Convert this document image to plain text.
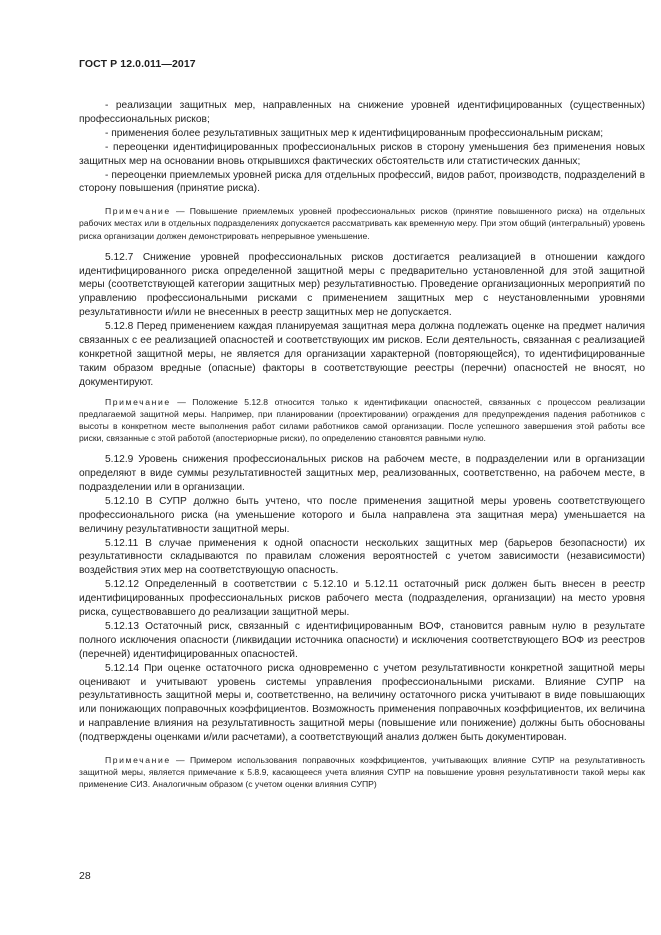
ГОСТ Р 12.0.011—2017

- реализации защитных мер, направленных на снижение уровней идентифицированных (существенных) профессиональных рисков;

- применения более результативных защитных мер к идентифицированным профессиональным рискам;

- переоценки идентифицированных профессиональных рисков в сторону уменьшения без применения новых защитных мер на основании вновь открывшихся фактических обстоятельств или статистических данных;

- переоценки приемлемых уровней риска для отдельных профессий, видов работ, производств, подразделений в сторону повышения (принятие риска).

Примечание — Повышение приемлемых уровней профессиональных рисков (принятие повышенного риска) на отдельных рабочих местах или в отдельных подразделениях допускается рассматривать как временную меру. При этом общий (интегральный) уровень риска организации должен демонстрировать непрерывное уменьшение.

5.12.7 Снижение уровней профессиональных рисков достигается реализацией в отношении каждого идентифицированного риска определенной защитной меры с предварительно установленной для этой защитной меры (соответствующей категории защитных мер) результативностью. Проведение организационных мероприятий по управлению профессиональными рисками с применением защитных мер с неустановленными уровнями результативности и/или не внесенных в реестр защитных мер не допускается.

5.12.8 Перед применением каждая планируемая защитная мера должна подлежать оценке на предмет наличия связанных с ее реализацией опасностей и соответствующих им рисков. Если деятельность, связанная с реализацией конкретной защитной меры, не является для организации характерной (повторяющейся), то идентифицированные таким образом вредные (опасные) факторы в соответствующие реестры (перечни) опасностей не вносят, но документируют.

Примечание — Положение 5.12.8 относится только к идентификации опасностей, связанных с процессом реализации предлагаемой защитной меры. Например, при планировании (проектировании) ограждения для предупреждения падения работников с высоты в конкретном месте выполнения работ силами работников самой организации. После успешного завершения этой работы все риски, связанные с этой работой (апостериорные риски), по определению становятся равными нулю.

5.12.9 Уровень снижения профессиональных рисков на рабочем месте, в подразделении или в организации определяют в виде суммы результативностей защитных мер, реализованных, соответственно, на рабочем месте, в подразделении или в организации.

5.12.10 В СУПР должно быть учтено, что после применения защитной меры уровень соответствующего профессионального риска (на уменьшение которого и была направлена эта защитная мера) уменьшается на величину результативности защитной меры.

5.12.11 В случае применения к одной опасности нескольких защитных мер (барьеров безопасности) их результативности складываются по правилам сложения вероятностей с учетом зависимости (независимости) воздействия этих мер на соответствующую опасность.

5.12.12 Определенный в соответствии с 5.12.10 и 5.12.11 остаточный риск должен быть внесен в реестр идентифицированных профессиональных рисков рабочего места (подразделения, организации) на место уровня риска, существовавшего до реализации защитной меры.

5.12.13 Остаточный риск, связанный с идентифицированным ВОФ, становится равным нулю в результате полного исключения опасности (ликвидации источника опасности) и исключения соответствующего ВОФ из реестров (перечней) идентифицированных опасностей.

5.12.14 При оценке остаточного риска одновременно с учетом результативности конкретной защитной меры оценивают и учитывают уровень системы управления профессиональными рисками. Влияние СУПР на результативность защитной меры и, соответственно, на величину остаточного риска учитывают в виде повышающих или понижающих поправочных коэффициентов. Возможность применения поправочных коэффициентов, их величина и направление влияния на результативность защитной меры (повышение или понижение) должны быть обоснованы (подтверждены оценками и/или расчетами), а соответствующий анализ должен быть документирован.

Примечание — Примером использования поправочных коэффициентов, учитывающих влияние СУПР на результативность защитной меры, является примечание к 5.8.9, касающееся учета влияния СУПР на повышение уровня результативности такой меры как применение СИЗ. Аналогичным образом (с учетом оценки влияния СУПР)

28
